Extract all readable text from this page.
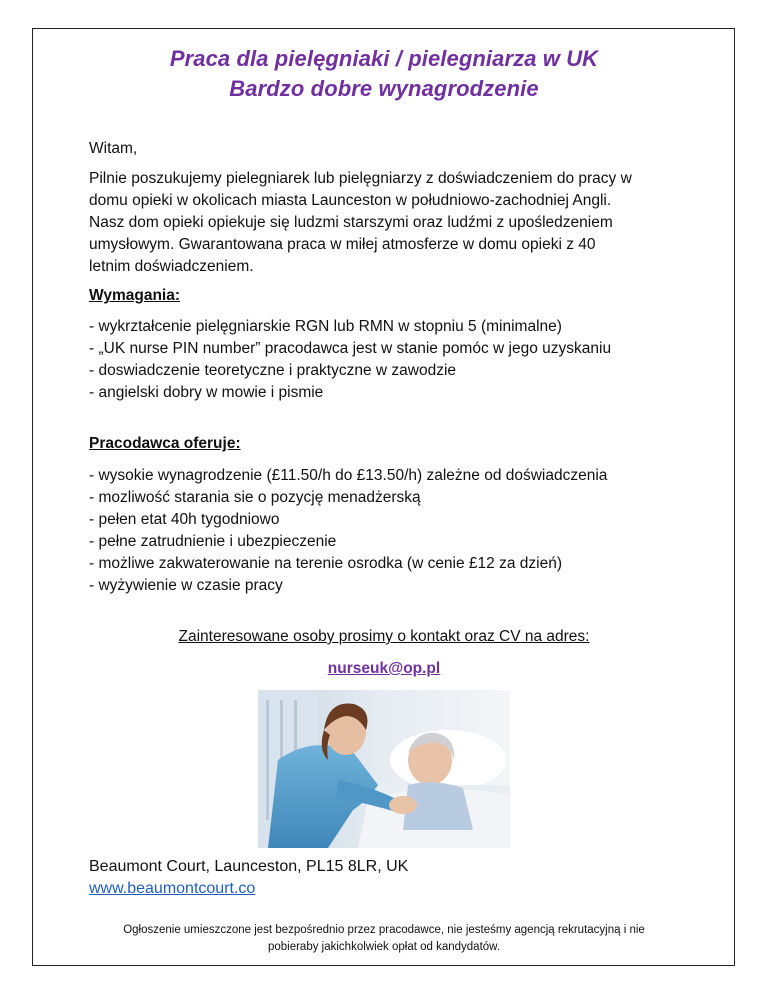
Praca dla pielęgniaki / pielegniarza w UK
Bardzo dobre wynagrodzenie
Witam,
Pilnie poszukujemy pielegniarek lub pielęgniarzy z doświadczeniem do pracy w
domu opieki w okolicach miasta Launceston w południowo-zachodniej Angli.
Nasz dom opieki opiekuje się ludzmi starszymi oraz ludźmi z upośledzeniem
umysłowym. Gwarantowana praca w miłej atmosferze w domu opieki z 40
letnim doświadczeniem.
Wymagania:
- wykrztałcenie pielęgniarskie RGN lub RMN w stopniu 5 (minimalne)
- „UK nurse PIN number” pracodawca jest w stanie pomóc w jego uzyskaniu
- doswiadczenie teoretyczne i praktyczne w zawodzie
- angielski dobry w mowie i pismie
Pracodawca oferuje:
- wysokie wynagrodzenie (£11.50/h do £13.50/h) zależne od doświadczenia
- mozliwość starania sie o pozycję menadżerską
- pełen etat 40h tygodniowo
- pełne zatrudnienie i ubezpieczenie
- możliwe zakwaterowanie na terenie osrodka (w cenie £12 za dzień)
- wyżywienie w czasie pracy
Zainteresowane osoby prosimy o kontakt oraz CV na adres:
nurseuk@op.pl
Beaumont Court, Launceston, PL15 8LR, UK
www.beaumontcourt.co
Ogłoszenie umieszczone jest bezpośrednio przez pracodawce, nie jesteśmy agencją rekrutacyjną i nie
pobieraby jakichkolwiek opłat od kandydatów.
